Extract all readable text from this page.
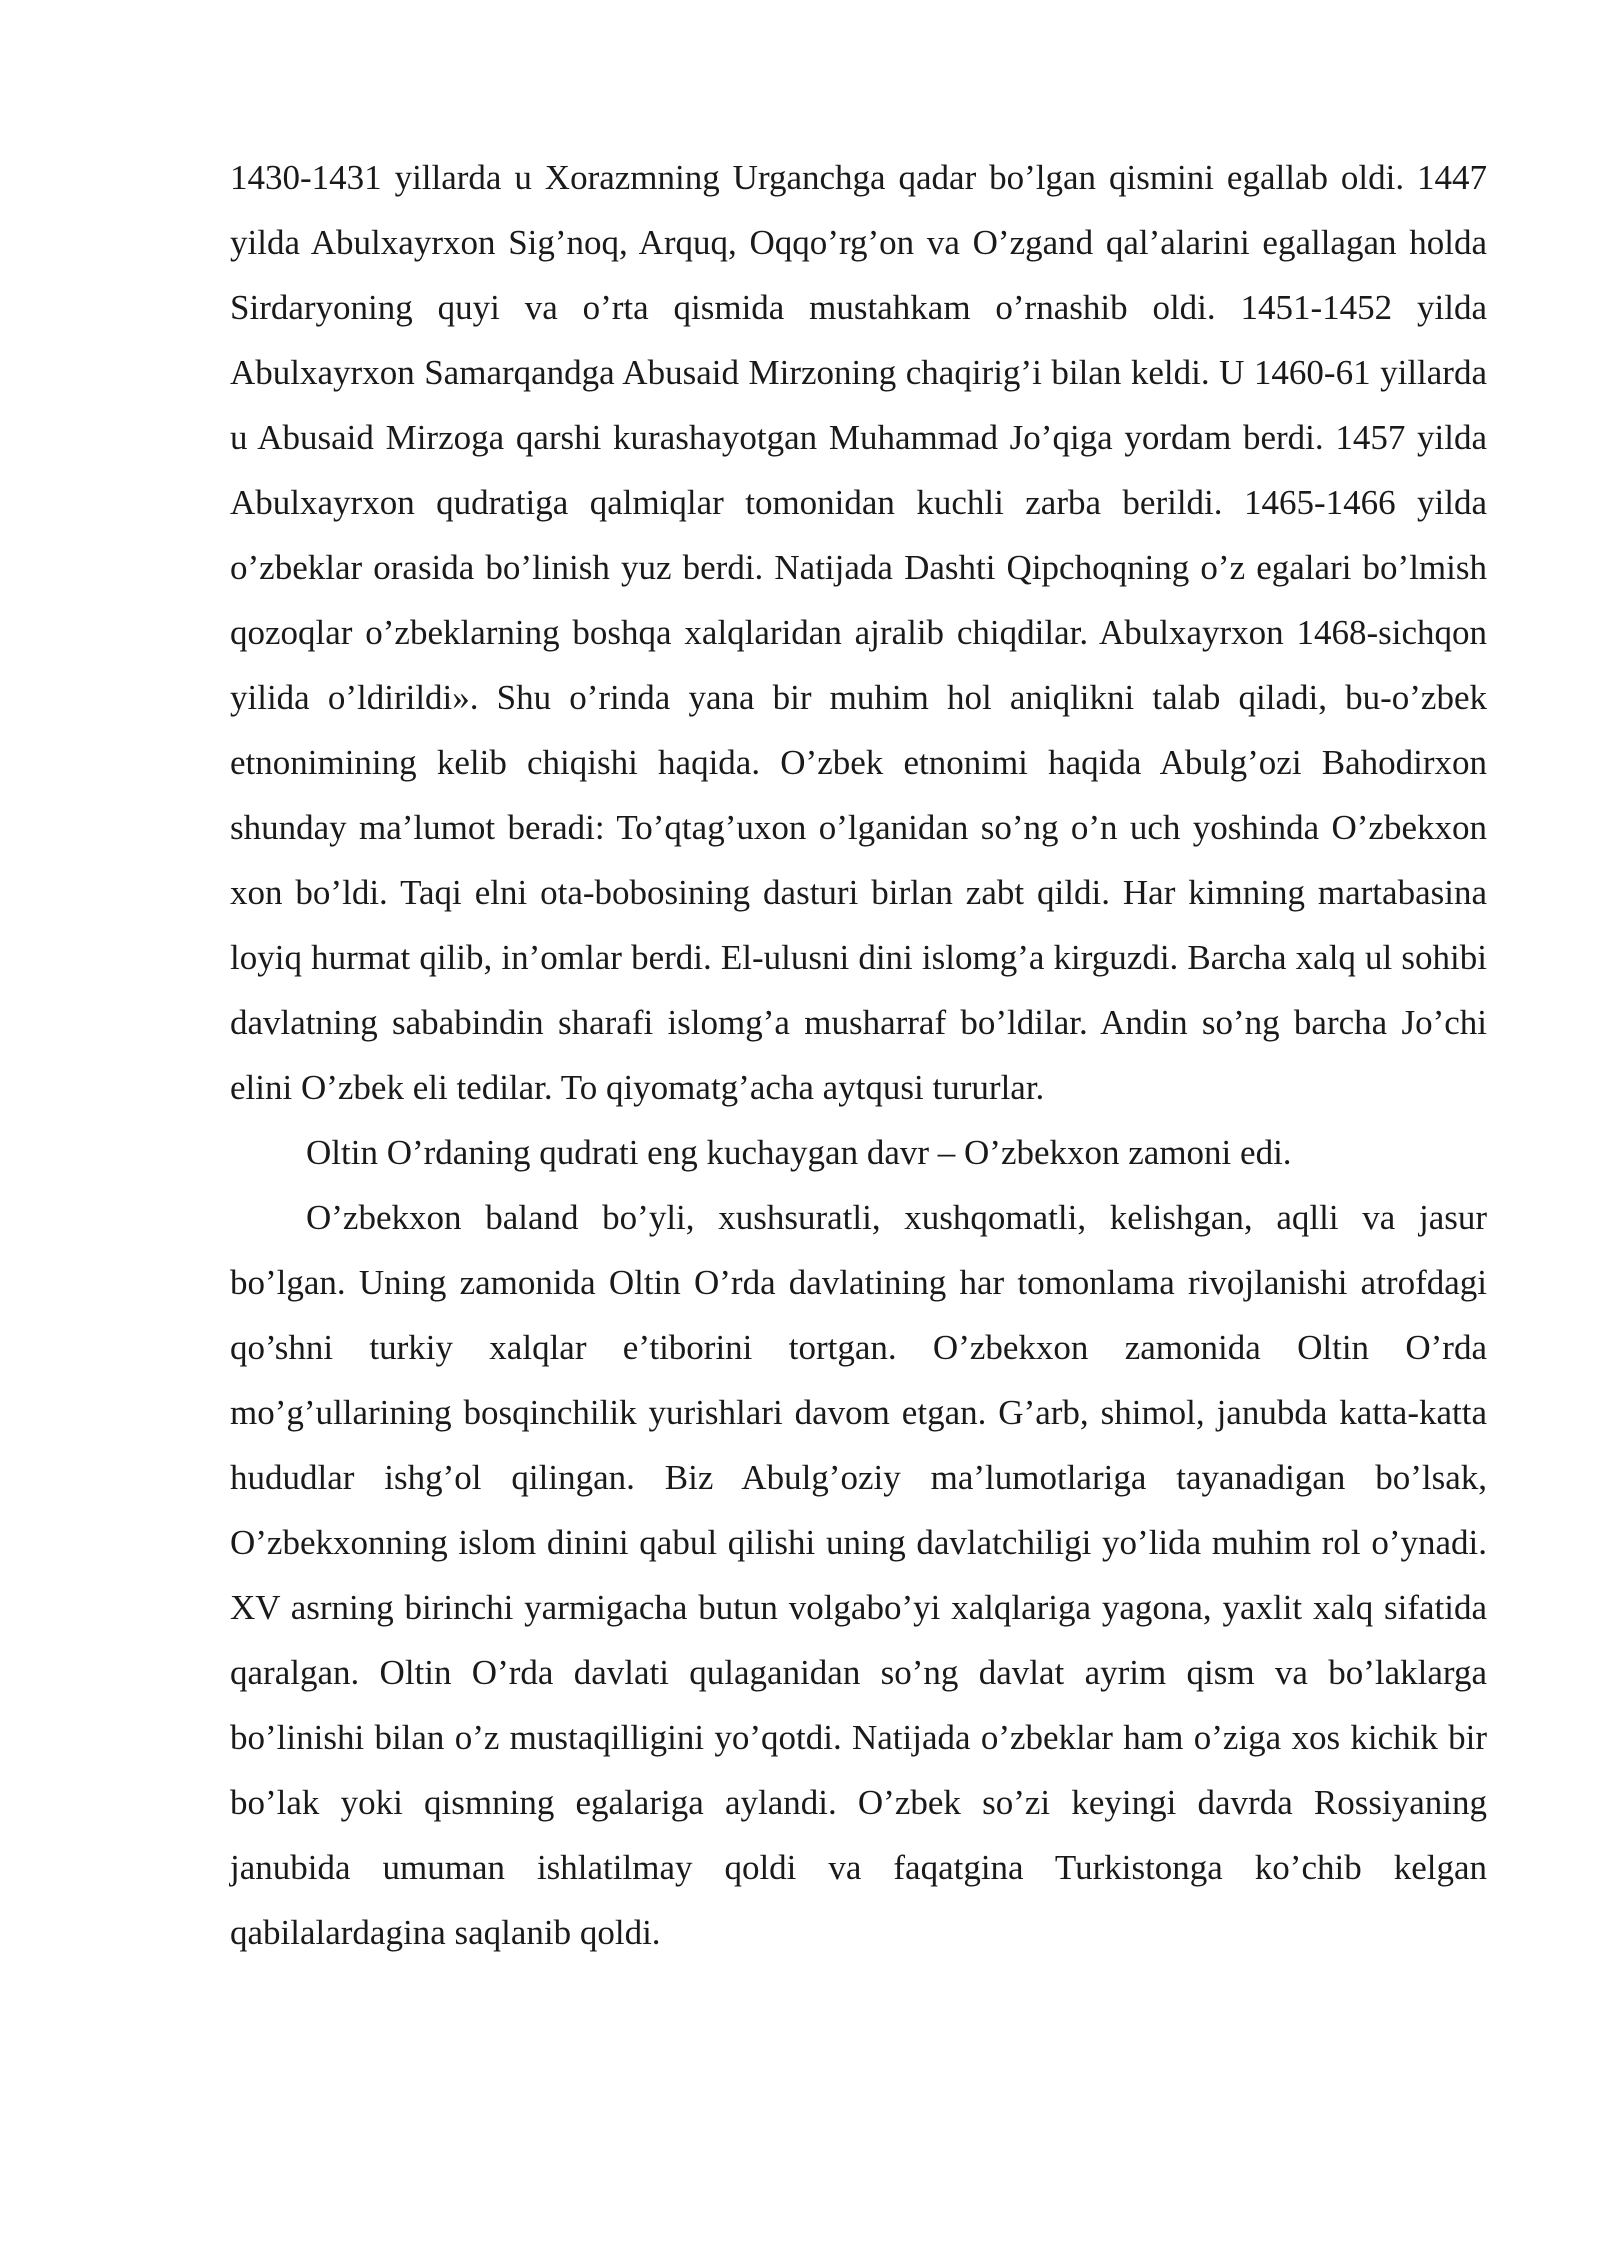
1430-1431 yillarda u Xorazmning Urganchga qadar bo’lgan qismini egallab oldi. 1447 yilda Abulxayrxon Sig’noq, Arquq, Oqqo’rg’on va O’zgand qal’alarini egallagan holda Sirdaryoning quyi va o’rta qismida mustahkam o’rnashib oldi. 1451-1452 yilda Abulxayrxon Samarqandga Abusaid Mirzoning chaqirig’i bilan keldi. U 1460-61 yillarda u Abusaid Mirzoga qarshi kurashayotgan Muhammad Jo’qiga yordam berdi. 1457 yilda Abulxayrxon qudratiga qalmiqlar tomonidan kuchli zarba berildi. 1465-1466 yilda o’zbeklar orasida bo’linish yuz berdi. Natijada Dashti Qipchoqning o’z egalari bo’lmish qozoqlar o’zbeklarning boshqa xalqlaridan ajralib chiqdilar. Abulxayrxon 1468-sichqon yilida o’ldirildi». Shu o’rinda yana bir muhim hol aniqlikni talab qiladi, bu-o’zbek etnonimining kelib chiqishi haqida. O’zbek etnonimi haqida Abulg’ozi Bahodirxon shunday ma’lumot beradi: To’qtag’uxon o’lganidan so’ng o’n uch yoshinda O’zbekxon xon bo’ldi. Taqi elni ota-bobosining dasturi birlan zabt qildi. Har kimning martabasina loyiq hurmat qilib, in’omlar berdi. El-ulusni dini islomg’a kirguzdi. Barcha xalq ul sohibi davlatning sababindin sharafi islomg’a musharraf bo’ldilar. Andin so’ng barcha Jo’chi elini O’zbek eli tedilar. To qiyomatg’acha aytqusi tururlar.

Oltin O’rdaning qudrati eng kuchaygan davr – O’zbekxon zamoni edi.

O’zbekxon baland bo’yli, xushsuratli, xushqomatli, kelishgan, aqlli va jasur bo’lgan. Uning zamonida Oltin O’rda davlatining har tomonlama rivojlanishi atrofdagi qo’shni turkiy xalqlar e’tiborini tortgan. O’zbekxon zamonida Oltin O’rda mo’g’ullarining bosqinchilik yurishlari davom etgan. G’arb, shimol, janubda katta-katta hududlar ishg’ol qilingan. Biz Abulg’oziy ma’lumotlariga tayanadigan bo’lsak, O’zbekxonning islom dinini qabul qilishi uning davlatchiligi yo’lida muhim rol o’ynadi. XV asrning birinchi yarmigacha butun volgabo’yi xalqlariga yagona, yaxlit xalq sifatida qaralgan. Oltin O’rda davlati qulaganidan so’ng davlat ayrim qism va bo’laklarga bo’linishi bilan o’z mustaqilligini yo’qotdi. Natijada o’zbeklar ham o’ziga xos kichik bir bo’lak yoki qismning egalariga aylandi. O’zbek so’zi keyingi davrda Rossiyaning janubida umuman ishlatilmay qoldi va faqatgina Turkistonga ko’chib kelgan qabilalardagina saqlanib qoldi.
